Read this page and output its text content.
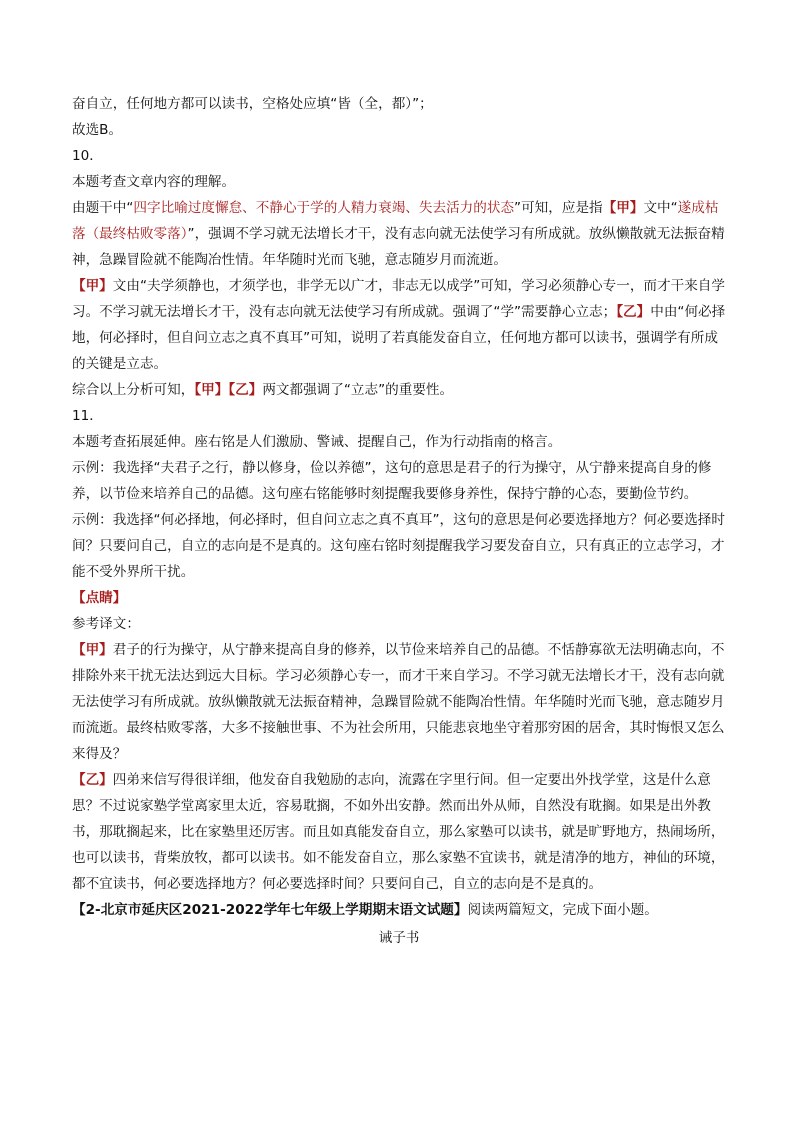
奋自立，任何地方都可以读书，空格处应填“皆（全，都）”；

故选B。

10．

本题考查文章内容的理解。

由题干中“四字比喻过度懈怠、不静心于学的人精力衰竭、失去活力的状态”可知，应是指【甲】文中“遂成枯落（最终枯败零落）”，强调不学习就无法增长才干，没有志向就无法使学习有所成就。放纵懒散就无法振奋精神，急躁冒险就不能陶冶性情。年华随时光而飞驰，意志随岁月而流逝。

【甲】文由“夫学须静也，才须学也，非学无以广才，非志无以成学”可知，学习必须静心专一，而才干来自学习。不学习就无法增长才干，没有志向就无法使学习有所成就。强调了“学”需要静心立志；【乙】中由“何必择地，何必择时，但自问立志之真不真耳”可知，说明了若真能发奋自立，任何地方都可以读书，强调学有所成的关键是立志。

综合以上分析可知，【甲】【乙】两文都强调了“立志”的重要性。

11．

本题考查拓展延伸。座右铭是人们激励、警诫、提醒自己，作为行动指南的格言。

示例：我选择“夫君子之行，静以修身，俭以养德”，这句的意思是君子的行为操守，从宁静来提高自身的修养，以节俭来培养自己的品德。这句座右铭能够时刻提醒我要修身养性，保持宁静的心态，要勤俭节约。

示例：我选择“何必择地，何必择时，但自问立志之真不真耳”，这句的意思是何必要选择地方？何必要选择时间？只要问自己，自立的志向是不是真的。这句座右铭时刻提醒我学习要发奋自立，只有真正的立志学习，才能不受外界所干扰。

【点睛】

参考译文：

【甲】君子的行为操守，从宁静来提高自身的修养，以节俭来培养自己的品德。不恬静寡欲无法明确志向，不排除外来干扰无法达到远大目标。学习必须静心专一，而才干来自学习。不学习就无法增长才干，没有志向就无法使学习有所成就。放纵懒散就无法振奋精神，急躁冒险就不能陶冶性情。年华随时光而飞驰，意志随岁月而流逝。最终枯败零落，大多不接触世事、不为社会所用，只能悲哀地坐守着那穷困的居舍，其时悔恨又怎么来得及？

【乙】四弟来信写得很详细，他发奋自我勉励的志向，流露在字里行间。但一定要出外找学堂，这是什么意思？不过说家塾学堂离家里太近，容易耽搁，不如外出安静。然而出外从师，自然没有耽搁。如果是出外教书，那耽搁起来，比在家塾里还厉害。而且如真能发奋自立，那么家塾可以读书，就是旷野地方，热闹场所，也可以读书，背柴放牧，都可以读书。如不能发奋自立，那么家塾不宜读书，就是清净的地方，神仙的环境，都不宜读书，何必要选择地方？何必要选择时间？只要问自己，自立的志向是不是真的。

【2-北京市延庆区2021-2022学年七年级上学期期末语文试题】阅读两篇短文，完成下面小题。

诫子书
